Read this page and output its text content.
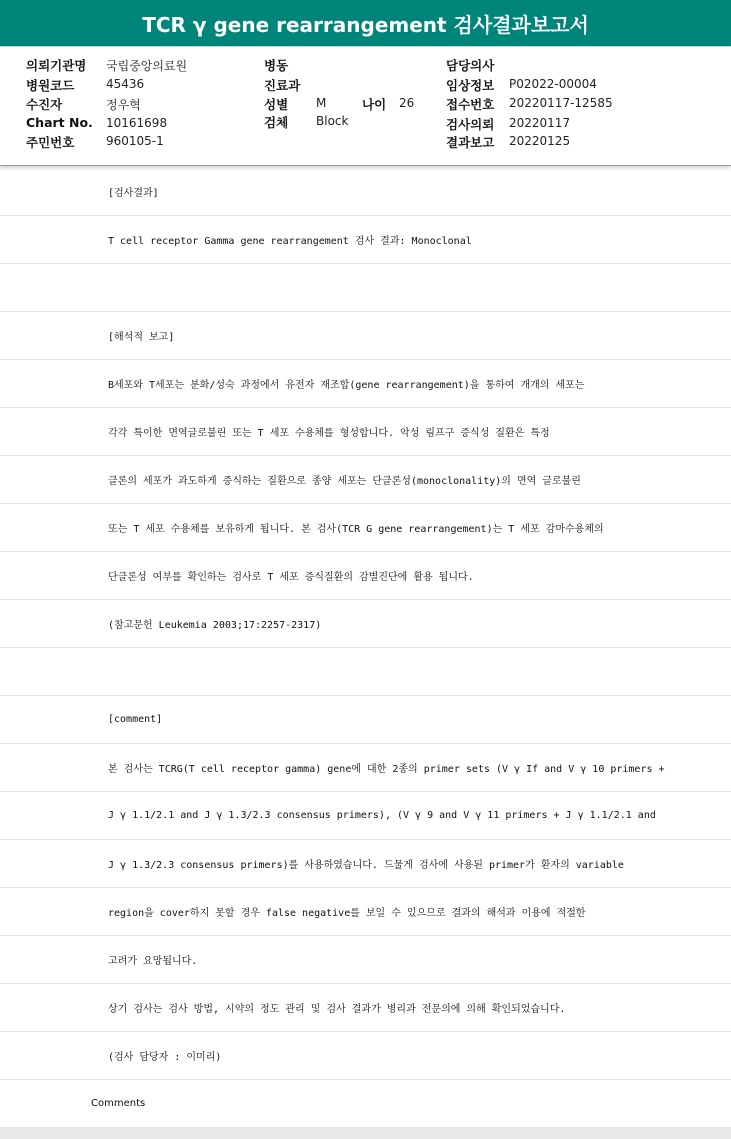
TCR γ gene rearrangement 검사결과보고서
의뢰기관명 국립중앙의료원
병원코드	45436
수진자	정우혁
Chart No. 10161698
주민번호	960105-1
병동
진료과
성별 M
검체 Block
나이 26
담당의사
임상정보 P02022-00004
접수번호 20220117-12585
검사의뢰 20220117
결과보고 20220125
[검사결과]
T cell receptor Gamma gene rearrangement 검사 결과: Monoclonal
[해석적 보고]
B세포와 T세포는 분화/성숙 과정에서 유전자 재조합(gene rearrangement)을 통하여 개개의 세포는
각각 특이한 면역글로불린 또는 T 세포 수용체를 형성합니다. 악성 림프구 증식성 질환은 특정
클론의 세포가 과도하게 증식하는 질환으로 종양 세포는 단클론성(monoclonality)의 면역 글로불린
또는 T 세포 수용체를 보유하게 됩니다. 본 검사(TCR G gene rearrangement)는 T 세포 감마수용체의
단클론성 여부를 확인하는 검사로 T 세포 증식질환의 감별진단에 활용 됩니다.
(참고문헌 Leukemia 2003;17:2257-2317)
[comment]
본 검사는 TCRG(T cell receptor gamma) gene에 대한 2종의 primer sets (V γ If and V γ 10 primers +
J γ 1.1/2.1 and J γ 1.3/2.3 consensus primers), (V γ 9 and V γ 11 primers + J γ 1.1/2.1 and
J γ 1.3/2.3 consensus primers)를 사용하였습니다. 드물게 검사에 사용된 primer가 환자의 variable
region을 cover하지 못할 경우 false negative를 보일 수 있으므로 결과의 해석과 이용에 적절한
고려가 요망됩니다.
상기 검사는 검사 방법, 시약의 정도 관리 및 검사 결과가 병리과 전문의에 의해 확인되었습니다.
(검사 담당자 : 이미리)
Comments
